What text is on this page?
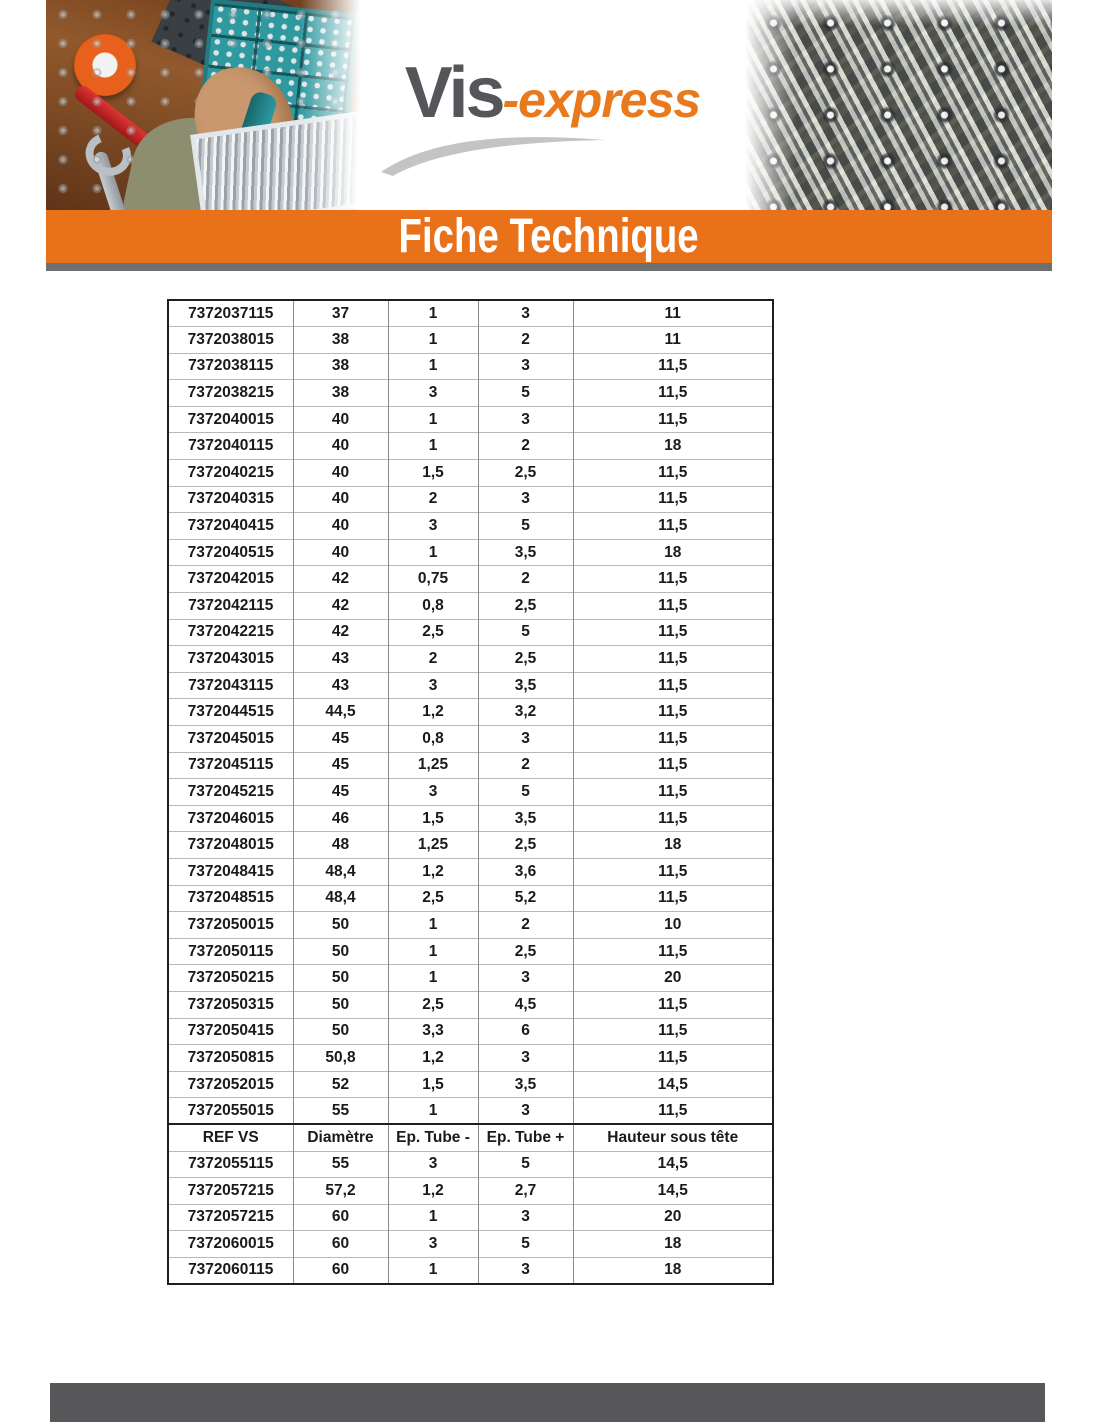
Vis-express
Fiche Technique
7372037115	37	1	3	11
7372038015	38	1	2	11
7372038115	38	1	3	11,5
7372038215	38	3	5	11,5
7372040015	40	1	3	11,5
7372040115	40	1	2	18
7372040215	40	1,5	2,5	11,5
7372040315	40	2	3	11,5
7372040415	40	3	5	11,5
7372040515	40	1	3,5	18
7372042015	42	0,75	2	11,5
7372042115	42	0,8	2,5	11,5
7372042215	42	2,5	5	11,5
7372043015	43	2	2,5	11,5
7372043115	43	3	3,5	11,5
7372044515	44,5	1,2	3,2	11,5
7372045015	45	0,8	3	11,5
7372045115	45	1,25	2	11,5
7372045215	45	3	5	11,5
7372046015	46	1,5	3,5	11,5
7372048015	48	1,25	2,5	18
7372048415	48,4	1,2	3,6	11,5
7372048515	48,4	2,5	5,2	11,5
7372050015	50	1	2	10
7372050115	50	1	2,5	11,5
7372050215	50	1	3	20
7372050315	50	2,5	4,5	11,5
7372050415	50	3,3	6	11,5
7372050815	50,8	1,2	3	11,5
7372052015	52	1,5	3,5	14,5
7372055015	55	1	3	11,5
REF VS	Diamètre	Ep. Tube -	Ep. Tube +	Hauteur sous tête
7372055115	55	3	5	14,5
7372057215	57,2	1,2	2,7	14,5
7372057215	60	1	3	20
7372060015	60	3	5	18
7372060115	60	1	3	18
